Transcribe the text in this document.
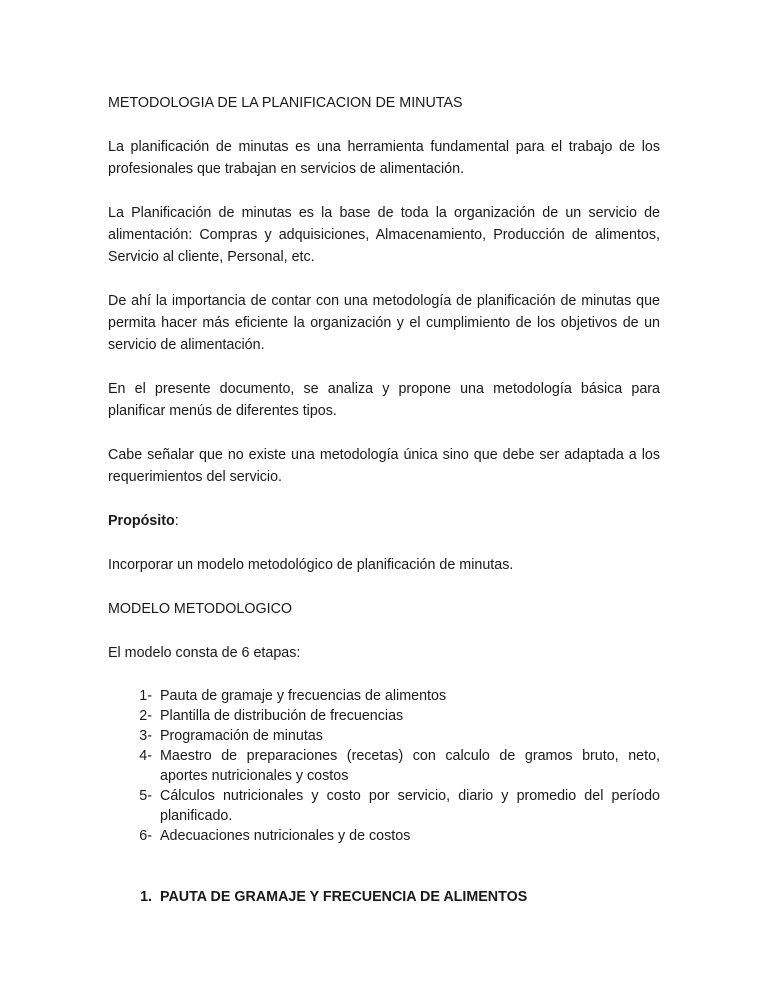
METODOLOGIA DE LA PLANIFICACION DE MINUTAS

La planificación de minutas es una herramienta fundamental para el trabajo de los profesionales que trabajan en servicios de alimentación.

La Planificación de minutas es la base de toda la organización de un servicio de alimentación: Compras y adquisiciones, Almacenamiento, Producción de alimentos, Servicio al cliente, Personal, etc.

De ahí la importancia de contar con una metodología de planificación de minutas que permita hacer más eficiente la organización y el cumplimiento de los objetivos de un servicio de alimentación.

En el presente documento, se analiza y propone una metodología básica para planificar menús de diferentes tipos.

Cabe señalar que no existe una metodología única sino que debe ser adaptada a los requerimientos del servicio.

Propósito:

Incorporar un modelo metodológico de planificación de minutas.

MODELO METODOLOGICO

El modelo consta de 6 etapas:

1- Pauta de gramaje y frecuencias de alimentos
2- Plantilla de distribución de frecuencias
3- Programación de minutas
4- Maestro de preparaciones (recetas) con calculo de gramos bruto, neto, aportes nutricionales y costos
5- Cálculos nutricionales y costo por servicio, diario y promedio del período planificado.
6- Adecuaciones nutricionales y de costos
1. PAUTA DE GRAMAJE Y FRECUENCIA DE ALIMENTOS
